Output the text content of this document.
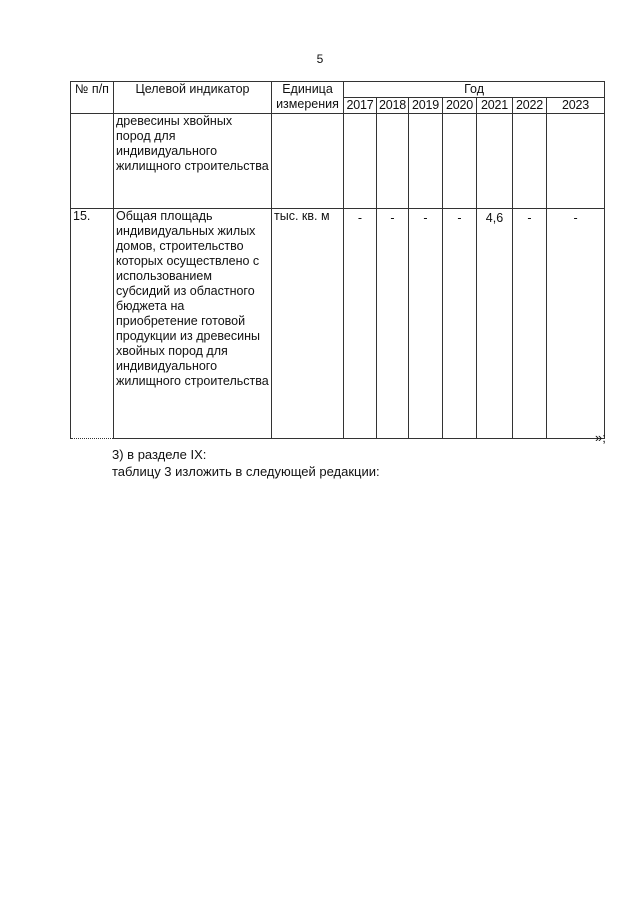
5
№ п/п	Целевой индикатор	Единица измерения	Год						
			2017	2018	2019	2020	2021	2022	2023
	древесины хвойных пород для индивидуального жилищного строительства								
15.	Общая площадь индивидуальных жилых домов, строительство которых осуществлено с использованием субсидий из областного бюджета на приобретение готовой продукции из древесины хвойных пород для индивидуального жилищного строительства	тыс. кв. м	-	-	-	-	4,6	-	-
»;
3) в разделе IX:
таблицу 3 изложить в следующей редакции:
